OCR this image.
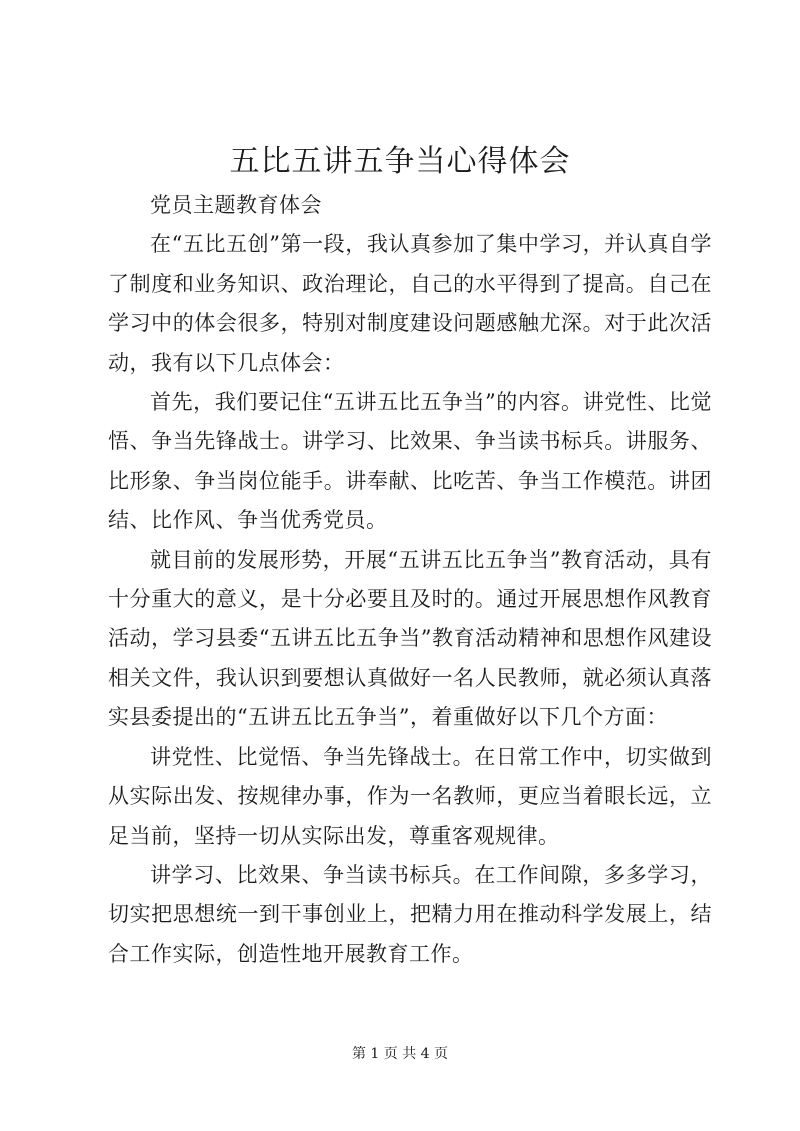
五比五讲五争当心得体会

党员主题教育体会

在“五比五创”第一段，我认真参加了集中学习，并认真自学了制度和业务知识、政治理论，自己的水平得到了提高。自己在学习中的体会很多，特别对制度建设问题感触尤深。对于此次活动，我有以下几点体会：

首先，我们要记住“五讲五比五争当”的内容。讲党性、比觉悟、争当先锋战士。讲学习、比效果、争当读书标兵。讲服务、比形象、争当岗位能手。讲奉献、比吃苦、争当工作模范。讲团结、比作风、争当优秀党员。

就目前的发展形势，开展“五讲五比五争当”教育活动，具有十分重大的意义，是十分必要且及时的。通过开展思想作风教育活动，学习县委“五讲五比五争当”教育活动精神和思想作风建设相关文件，我认识到要想认真做好一名人民教师，就必须认真落实县委提出的“五讲五比五争当”，着重做好以下几个方面：

讲党性、比觉悟、争当先锋战士。在日常工作中，切实做到从实际出发、按规律办事，作为一名教师，更应当着眼长远，立足当前，坚持一切从实际出发，尊重客观规律。

讲学习、比效果、争当读书标兵。在工作间隙，多多学习，切实把思想统一到干事创业上，把精力用在推动科学发展上，结合工作实际，创造性地开展教育工作。

第 1 页 共 4 页
